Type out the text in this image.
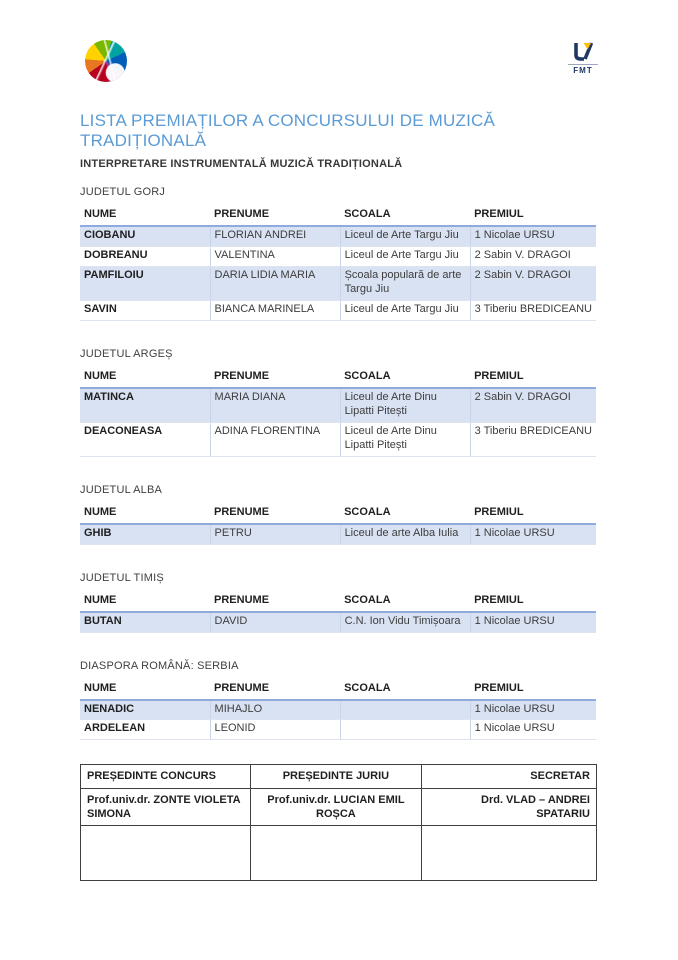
FMT
LISTA PREMIAȚILOR A CONCURSULUI DE MUZICĂ TRADIȚIONALĂ
INTERPRETARE INSTRUMENTALĂ MUZICĂ TRADIȚIONALĂ
JUDETUL GORJ
NUME	PRENUME	SCOALA	PREMIUL
CIOBANU	FLORIAN ANDREI	Liceul de Arte Targu Jiu	1 Nicolae URSU
DOBREANU	VALENTINA	Liceul de Arte Targu Jiu	2 Sabin V. DRAGOI
PAMFILOIU	DARIA LIDIA MARIA	Școala populară de arte Targu Jiu	2 Sabin V. DRAGOI
SAVIN	BIANCA MARINELA	Liceul de Arte Targu Jiu	3 Tiberiu BREDICEANU
JUDETUL ARGEȘ
NUME	PRENUME	SCOALA	PREMIUL
MATINCA	MARIA DIANA	Liceul de Arte Dinu Lipatti Pitești	2 Sabin V. DRAGOI
DEACONEASA	ADINA FLORENTINA	Liceul de Arte Dinu Lipatti Pitești	3 Tiberiu BREDICEANU
JUDETUL ALBA
NUME	PRENUME	SCOALA	PREMIUL
GHIB	PETRU	Liceul de arte Alba Iulia	1 Nicolae URSU
JUDETUL TIMIȘ
NUME	PRENUME	SCOALA	PREMIUL
BUTAN	DAVID	C.N. Ion Vidu Timișoara	1 Nicolae URSU
DIASPORA ROMÂNĂ: SERBIA
NUME	PRENUME	SCOALA	PREMIUL
NENADIC	MIHAJLO		1 Nicolae URSU
ARDELEAN	LEONID		1 Nicolae URSU
PREȘEDINTE CONCURS	PREȘEDINTE JURIU	SECRETAR
Prof.univ.dr. ZONTE VIOLETA SIMONA	Prof.univ.dr. LUCIAN EMIL ROȘCA	Drd. VLAD – ANDREI SPATARIU
